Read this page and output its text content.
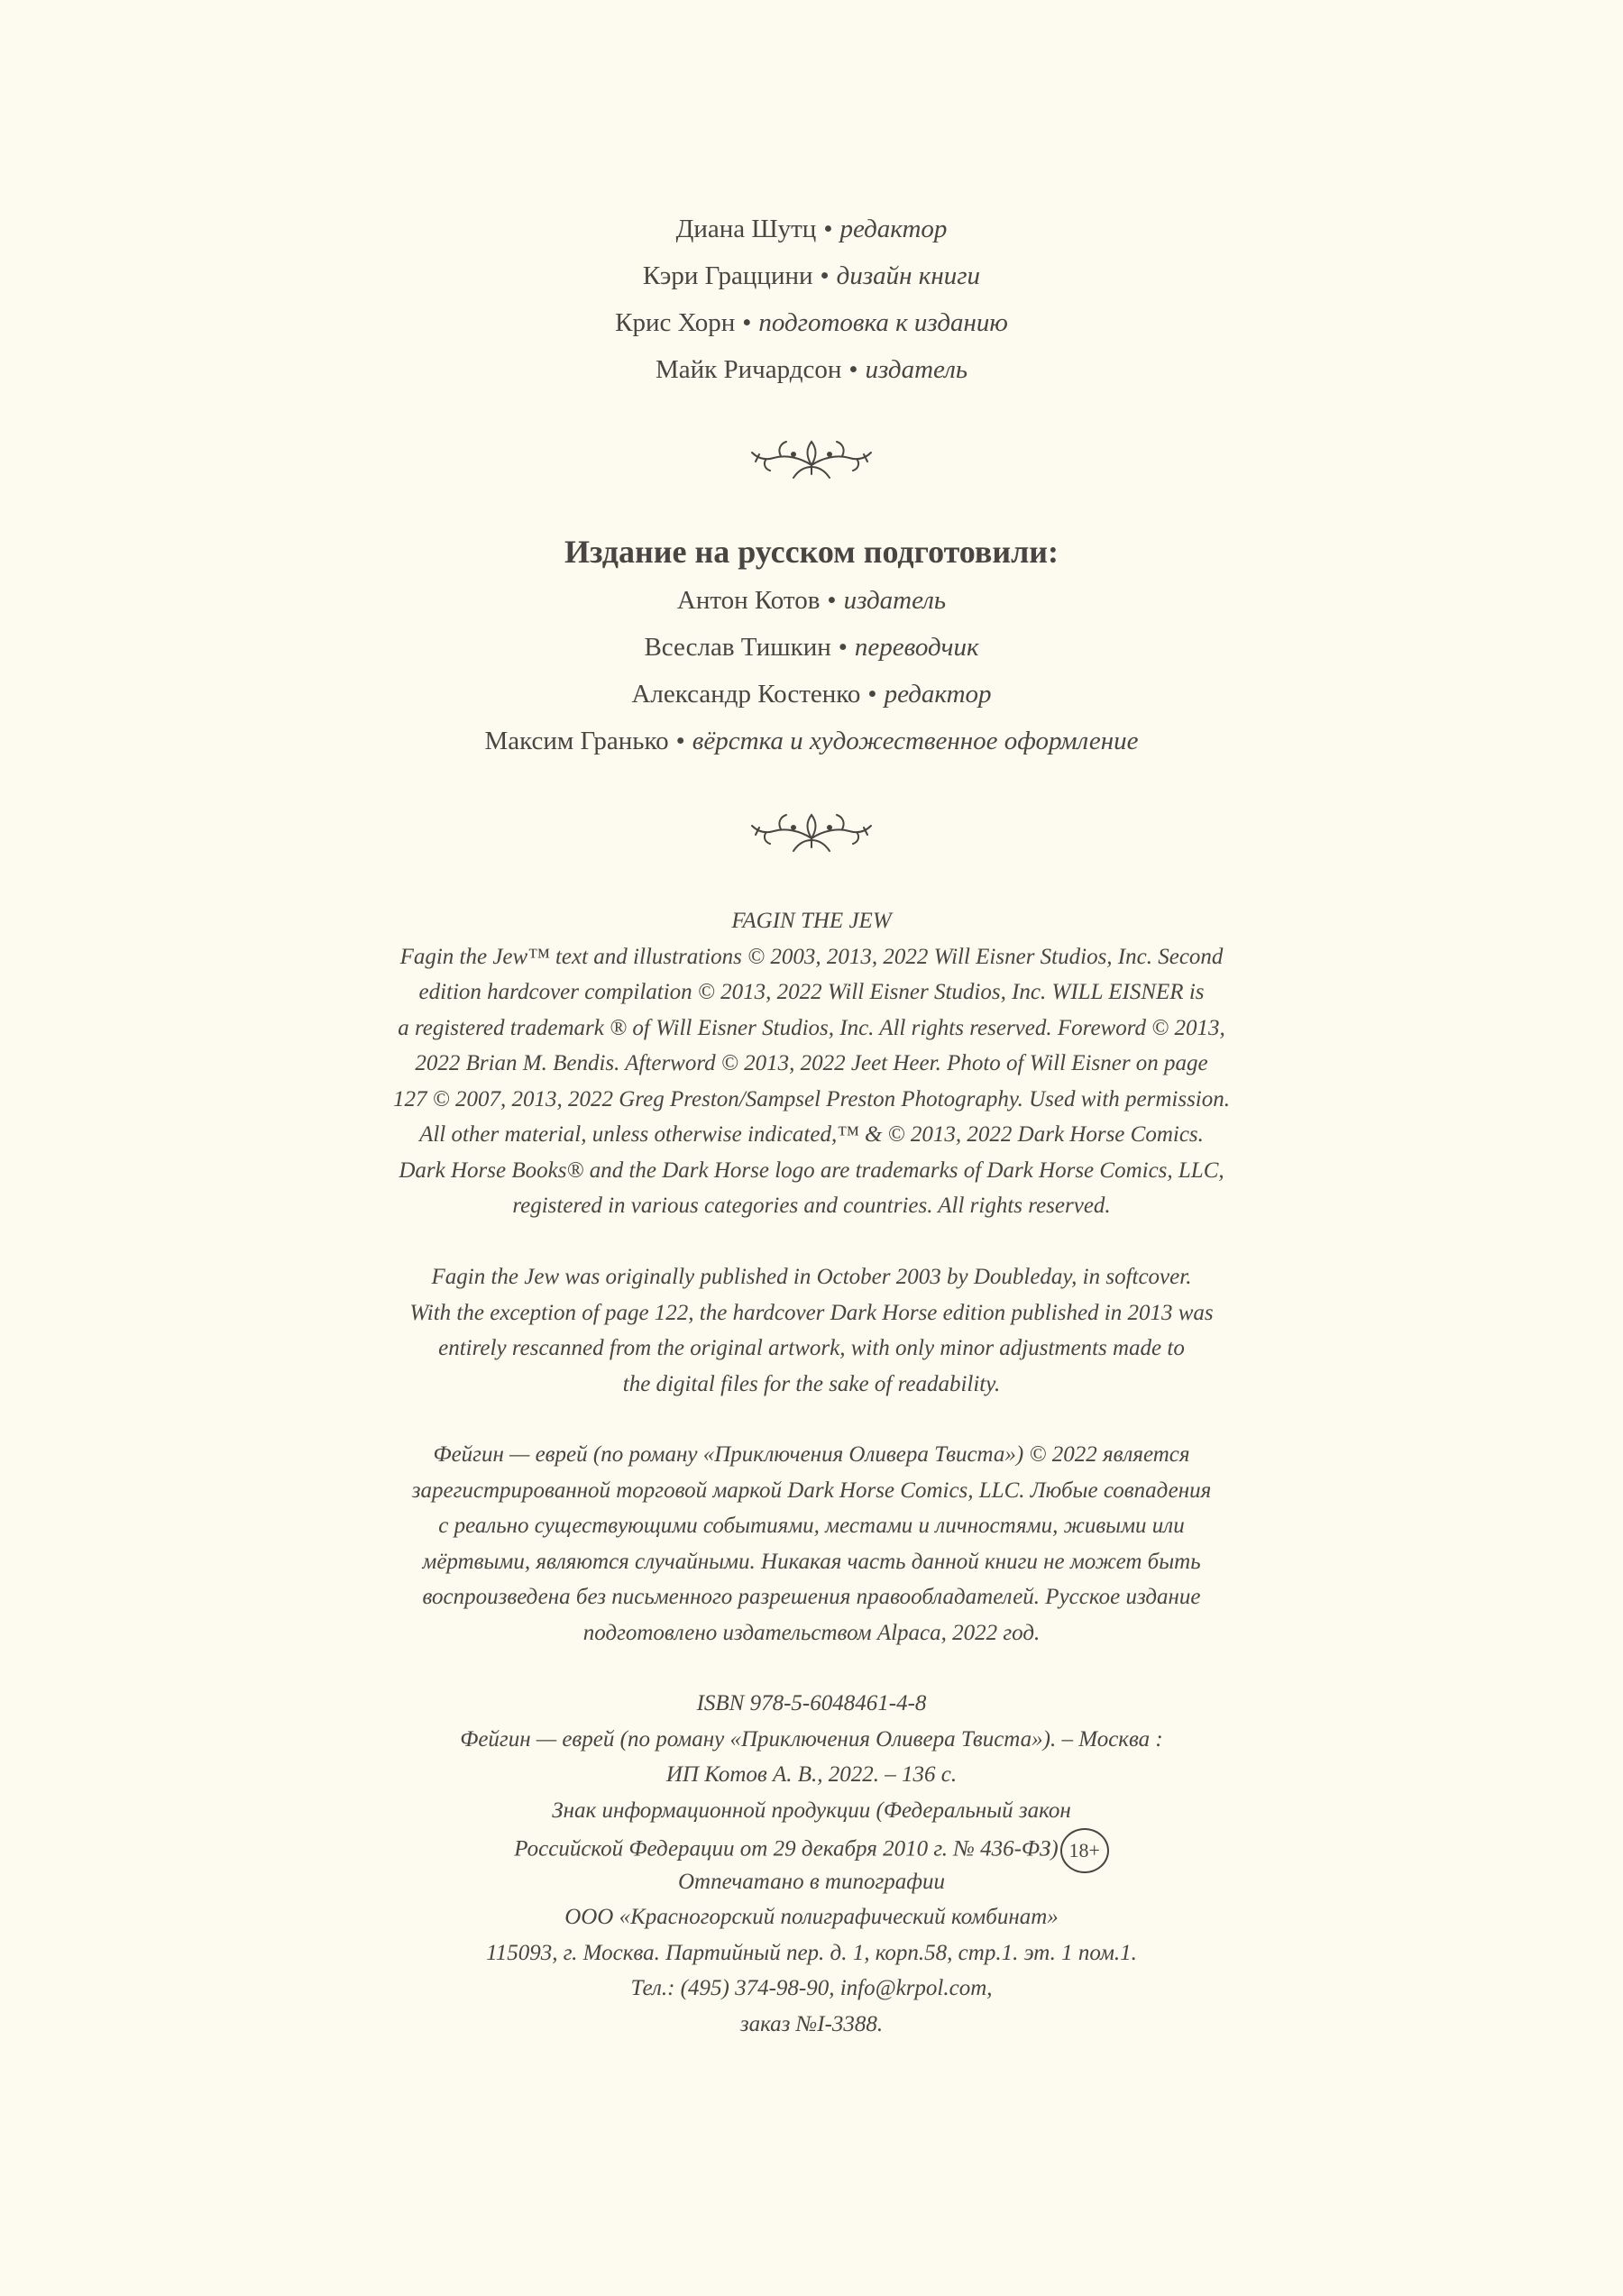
Диана Шутц • редактор
Кэри Граццини • дизайн книги
Крис Хорн • подготовка к изданию
Майк Ричардсон • издатель
Издание на русском подготовили:
Антон Котов • издатель
Всеслав Тишкин • переводчик
Александр Костенко • редактор
Максим Гранько • вёрстка и художественное оформление
FAGIN THE JEW
Fagin the Jew™ text and illustrations © 2003, 2013, 2022 Will Eisner Studios, Inc. Second
edition hardcover compilation © 2013, 2022 Will Eisner Studios, Inc. WILL EISNER is
a registered trademark ® of Will Eisner Studios, Inc. All rights reserved. Foreword © 2013,
2022 Brian M. Bendis. Afterword © 2013, 2022 Jeet Heer. Photo of Will Eisner on page
127 © 2007, 2013, 2022 Greg Preston/Sampsel Preston Photography. Used with permission.
All other material, unless otherwise indicated,™ & © 2013, 2022 Dark Horse Comics.
Dark Horse Books® and the Dark Horse logo are trademarks of Dark Horse Comics, LLC,
registered in various categories and countries. All rights reserved.
Fagin the Jew was originally published in October 2003 by Doubleday, in softcover.
With the exception of page 122, the hardcover Dark Horse edition published in 2013 was
entirely rescanned from the original artwork, with only minor adjustments made to
the digital files for the sake of readability.
Фейгин — еврей (по роману «Приключения Оливера Твиста») © 2022 является
зарегистрированной торговой маркой Dark Horse Comics, LLC. Любые совпадения
с реально существующими событиями, местами и личностями, живыми или
мёртвыми, являются случайными. Никакая часть данной книги не может быть
воспроизведена без письменного разрешения правообладателей. Русское издание
подготовлено издательством Alpaca, 2022 год.
ISBN 978-5-6048461-4-8
Фейгин — еврей (по роману «Приключения Оливера Твиста»). – Москва :
ИП Котов А. В., 2022. – 136 с.
Знак информационной продукции (Федеральный закон
Российской Федерации от 29 декабря 2010 г. № 436-ФЗ) 18+
Отпечатано в типографии
ООО «Красногорский полиграфический комбинат»
115093, г. Москва. Партийный пер. д. 1, корп.58, стр.1. эт. 1 пом.1.
Тел.: (495) 374-98-90, info@krpol.com,
заказ №I-3388.
